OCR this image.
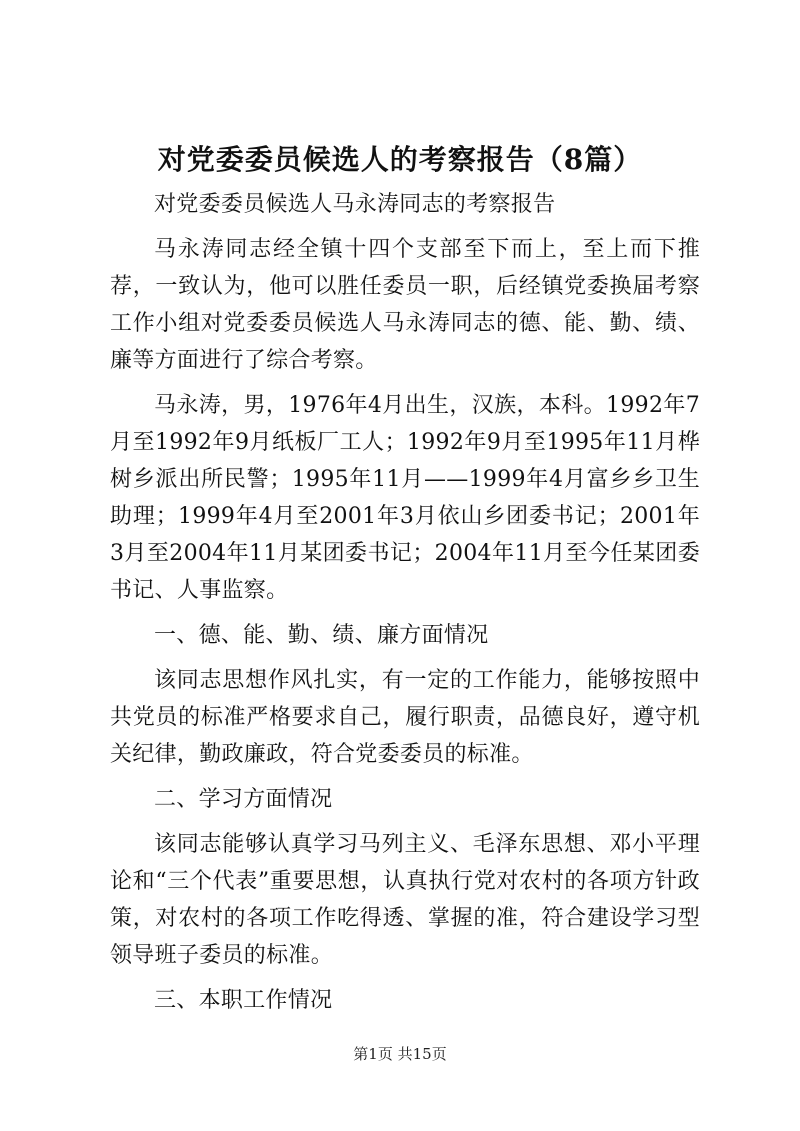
对党委委员候选人的考察报告（8篇）

对党委委员候选人马永涛同志的考察报告

马永涛同志经全镇十四个支部至下而上，至上而下推荐，一致认为，他可以胜任委员一职，后经镇党委换届考察工作小组对党委委员候选人马永涛同志的德、能、勤、绩、廉等方面进行了综合考察。

马永涛，男，1976年4月出生，汉族，本科。1992年7月至1992年9月纸板厂工人；1992年9月至1995年11月桦树乡派出所民警；1995年11月——1999年4月富乡乡卫生助理；1999年4月至2001年3月依山乡团委书记；2001年3月至2004年11月某团委书记；2004年11月至今任某团委书记、人事监察。

一、德、能、勤、绩、廉方面情况

该同志思想作风扎实，有一定的工作能力，能够按照中共党员的标准严格要求自己，履行职责，品德良好，遵守机关纪律，勤政廉政，符合党委委员的标准。

二、学习方面情况

该同志能够认真学习马列主义、毛泽东思想、邓小平理论和“三个代表”重要思想，认真执行党对农村的各项方针政策，对农村的各项工作吃得透、掌握的准，符合建设学习型领导班子委员的标准。

三、本职工作情况

第1页 共15页
